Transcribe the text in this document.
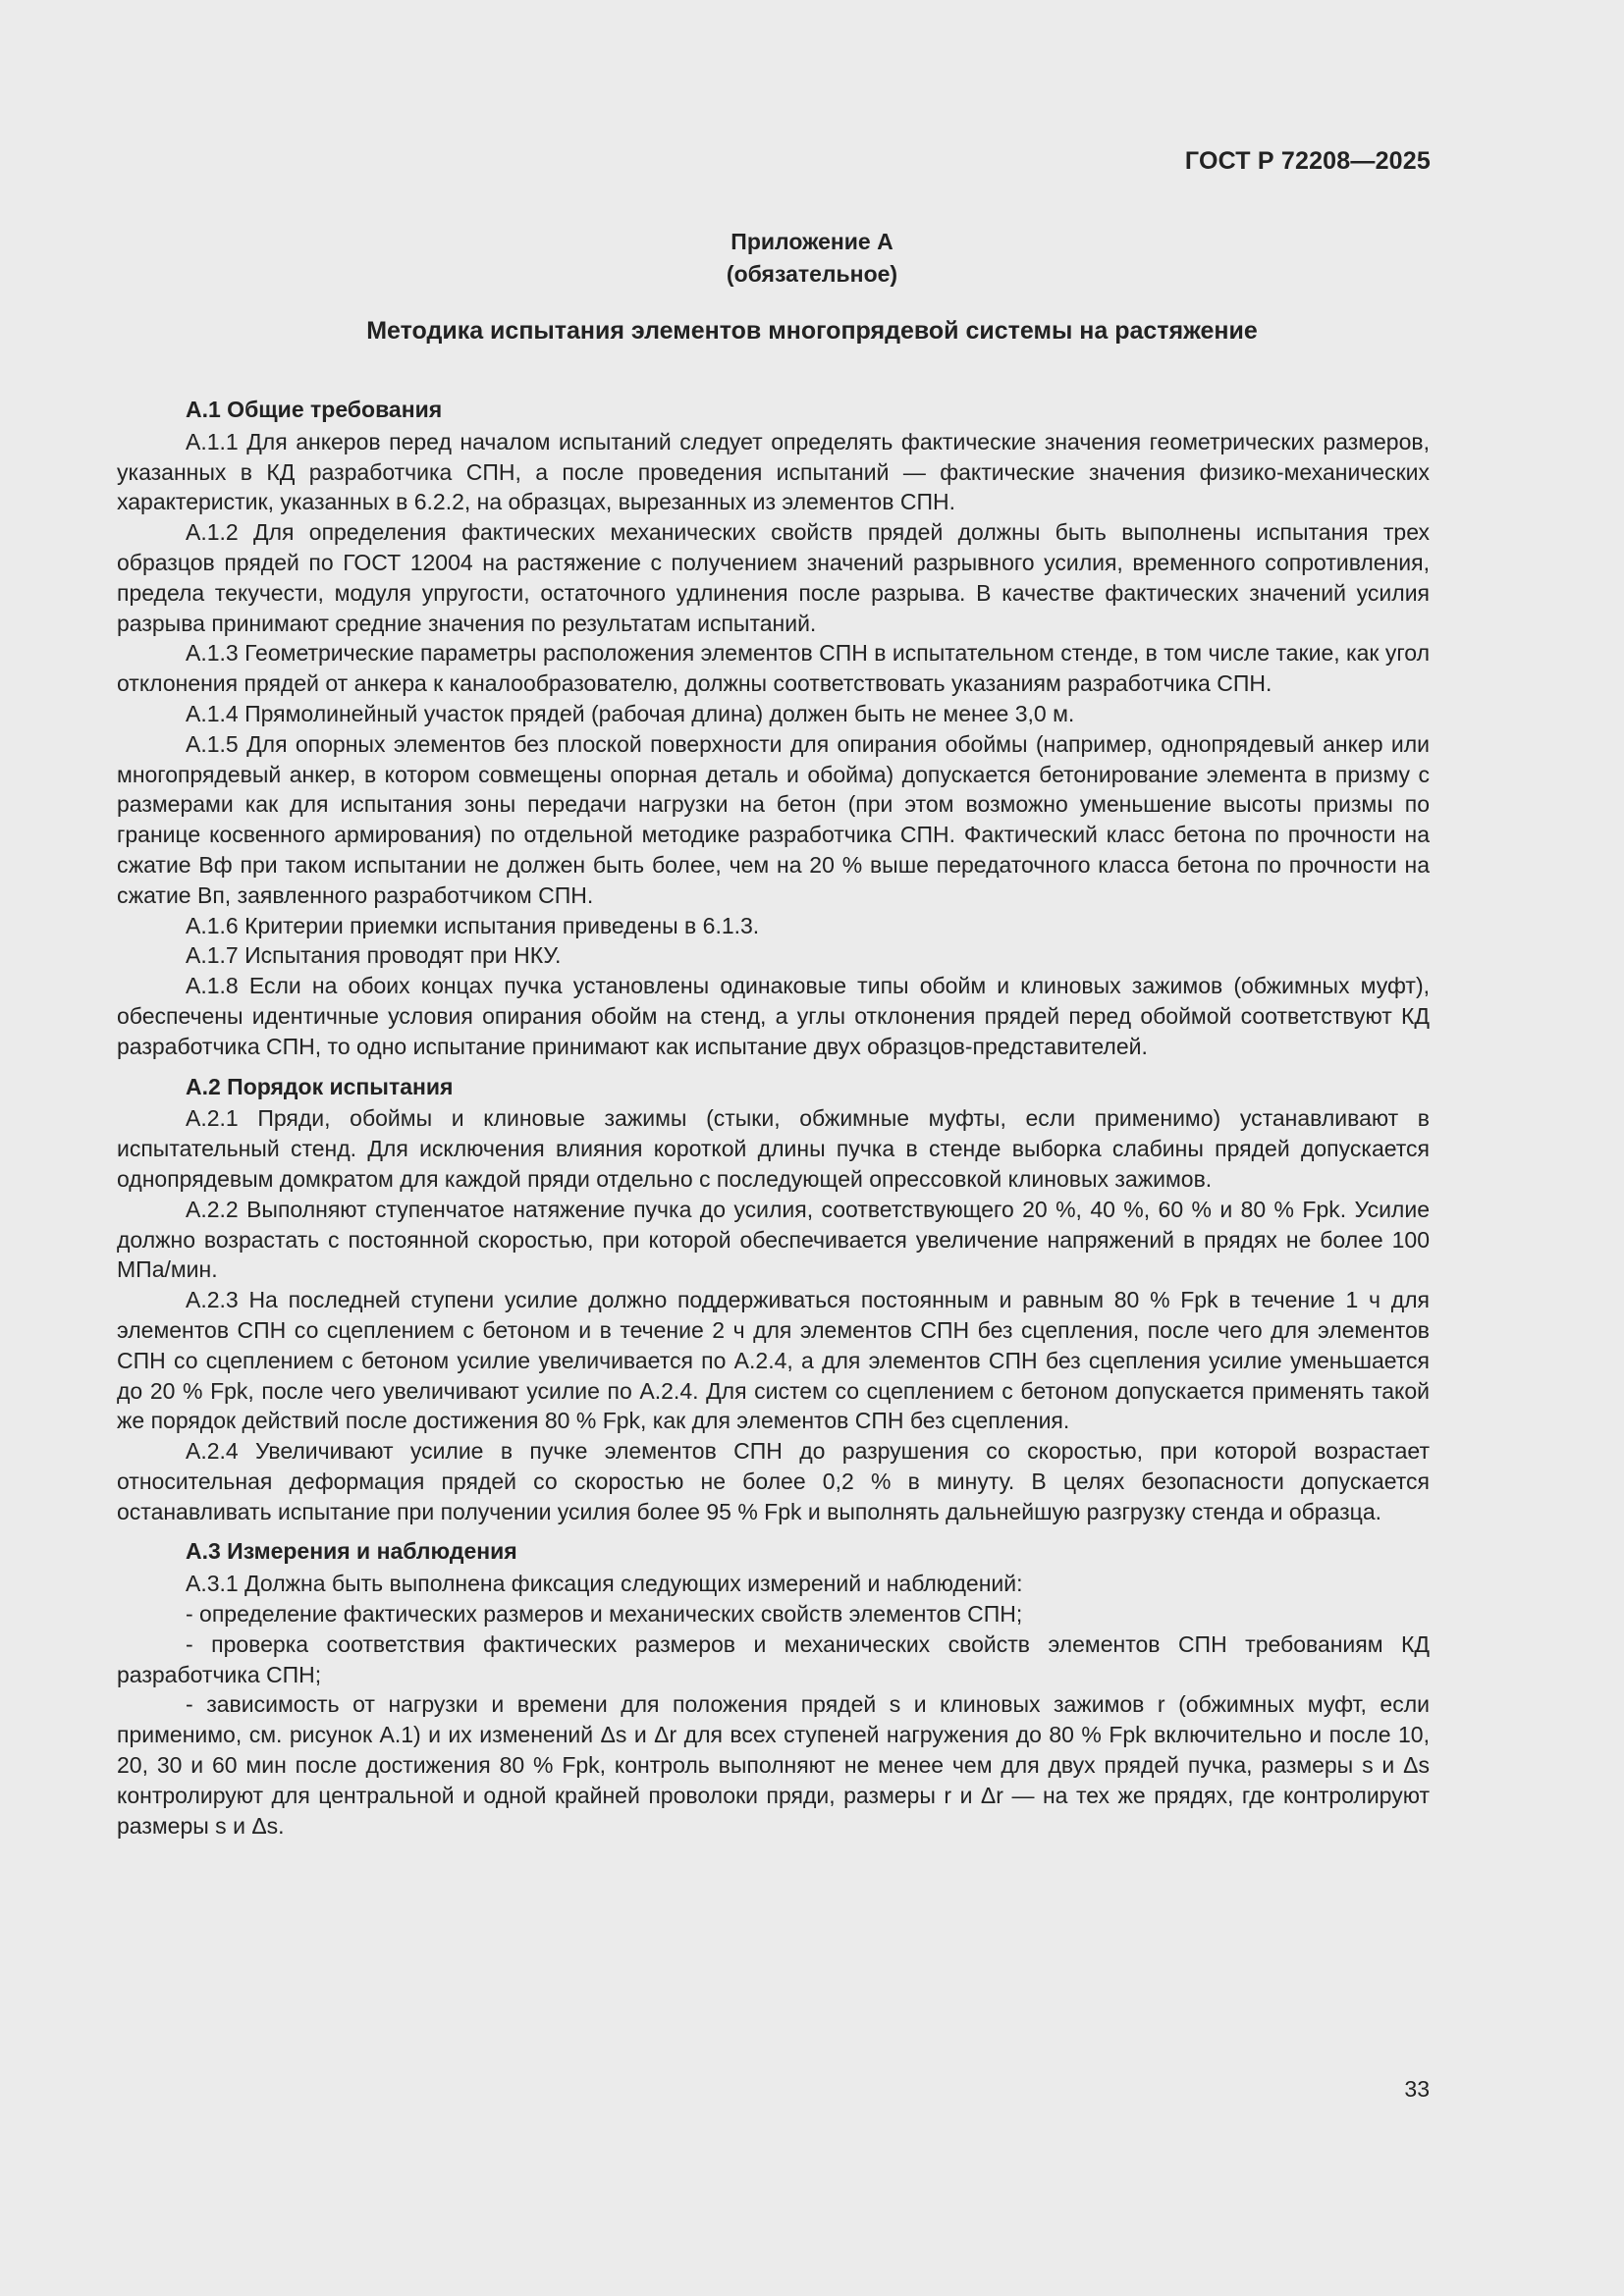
ГОСТ Р 72208—2025
Приложение А
(обязательное)
Методика испытания элементов многопрядевой системы на растяжение
А.1 Общие требования

А.1.1 Для анкеров перед началом испытаний следует определять фактические значения геометрических размеров, указанных в КД разработчика СПН, а после проведения испытаний — фактические значения физико-механических характеристик, указанных в 6.2.2, на образцах, вырезанных из элементов СПН.

А.1.2 Для определения фактических механических свойств прядей должны быть выполнены испытания трех образцов прядей по ГОСТ 12004 на растяжение с получением значений разрывного усилия, временного сопротивления, предела текучести, модуля упругости, остаточного удлинения после разрыва. В качестве фактических значений усилия разрыва принимают средние значения по результатам испытаний.

А.1.3 Геометрические параметры расположения элементов СПН в испытательном стенде, в том числе такие, как угол отклонения прядей от анкера к каналообразователю, должны соответствовать указаниям разработчика СПН.

А.1.4 Прямолинейный участок прядей (рабочая длина) должен быть не менее 3,0 м.

А.1.5 Для опорных элементов без плоской поверхности для опирания обоймы (например, однопрядевый анкер или многопрядевый анкер, в котором совмещены опорная деталь и обойма) допускается бетонирование элемента в призму с размерами как для испытания зоны передачи нагрузки на бетон (при этом возможно уменьшение высоты призмы по границе косвенного армирования) по отдельной методике разработчика СПН. Фактический класс бетона по прочности на сжатие Вф при таком испытании не должен быть более, чем на 20 % выше передаточного класса бетона по прочности на сжатие Вп, заявленного разработчиком СПН.

А.1.6 Критерии приемки испытания приведены в 6.1.3.

А.1.7 Испытания проводят при НКУ.

А.1.8 Если на обоих концах пучка установлены одинаковые типы обойм и клиновых зажимов (обжимных муфт), обеспечены идентичные условия опирания обойм на стенд, а углы отклонения прядей перед обоймой соответствуют КД разработчика СПН, то одно испытание принимают как испытание двух образцов-представителей.

А.2 Порядок испытания

А.2.1 Пряди, обоймы и клиновые зажимы (стыки, обжимные муфты, если применимо) устанавливают в испытательный стенд. Для исключения влияния короткой длины пучка в стенде выборка слабины прядей допускается однопрядевым домкратом для каждой пряди отдельно с последующей опрессовкой клиновых зажимов.

А.2.2 Выполняют ступенчатое натяжение пучка до усилия, соответствующего 20 %, 40 %, 60 % и 80 % Fpk. Усилие должно возрастать с постоянной скоростью, при которой обеспечивается увеличение напряжений в прядях не более 100 МПа/мин.

А.2.3 На последней ступени усилие должно поддерживаться постоянным и равным 80 % Fpk в течение 1 ч для элементов СПН со сцеплением с бетоном и в течение 2 ч для элементов СПН без сцепления, после чего для элементов СПН со сцеплением с бетоном усилие увеличивается по А.2.4, а для элементов СПН без сцепления усилие уменьшается до 20 % Fpk, после чего увеличивают усилие по А.2.4. Для систем со сцеплением с бетоном допускается применять такой же порядок действий после достижения 80 % Fpk, как для элементов СПН без сцепления.

А.2.4 Увеличивают усилие в пучке элементов СПН до разрушения со скоростью, при которой возрастает относительная деформация прядей со скоростью не более 0,2 % в минуту. В целях безопасности допускается останавливать испытание при получении усилия более 95 % Fpk и выполнять дальнейшую разгрузку стенда и образца.

А.3 Измерения и наблюдения

А.3.1 Должна быть выполнена фиксация следующих измерений и наблюдений:

- определение фактических размеров и механических свойств элементов СПН;

- проверка соответствия фактических размеров и механических свойств элементов СПН требованиям КД разработчика СПН;

- зависимость от нагрузки и времени для положения прядей s и клиновых зажимов r (обжимных муфт, если применимо, см. рисунок А.1) и их изменений Δs и Δr для всех ступеней нагружения до 80 % Fpk включительно и после 10, 20, 30 и 60 мин после достижения 80 % Fpk, контроль выполняют не менее чем для двух прядей пучка, размеры s и Δs контролируют для центральной и одной крайней проволоки пряди, размеры r и Δr — на тех же прядях, где контролируют размеры s и Δs.

33
